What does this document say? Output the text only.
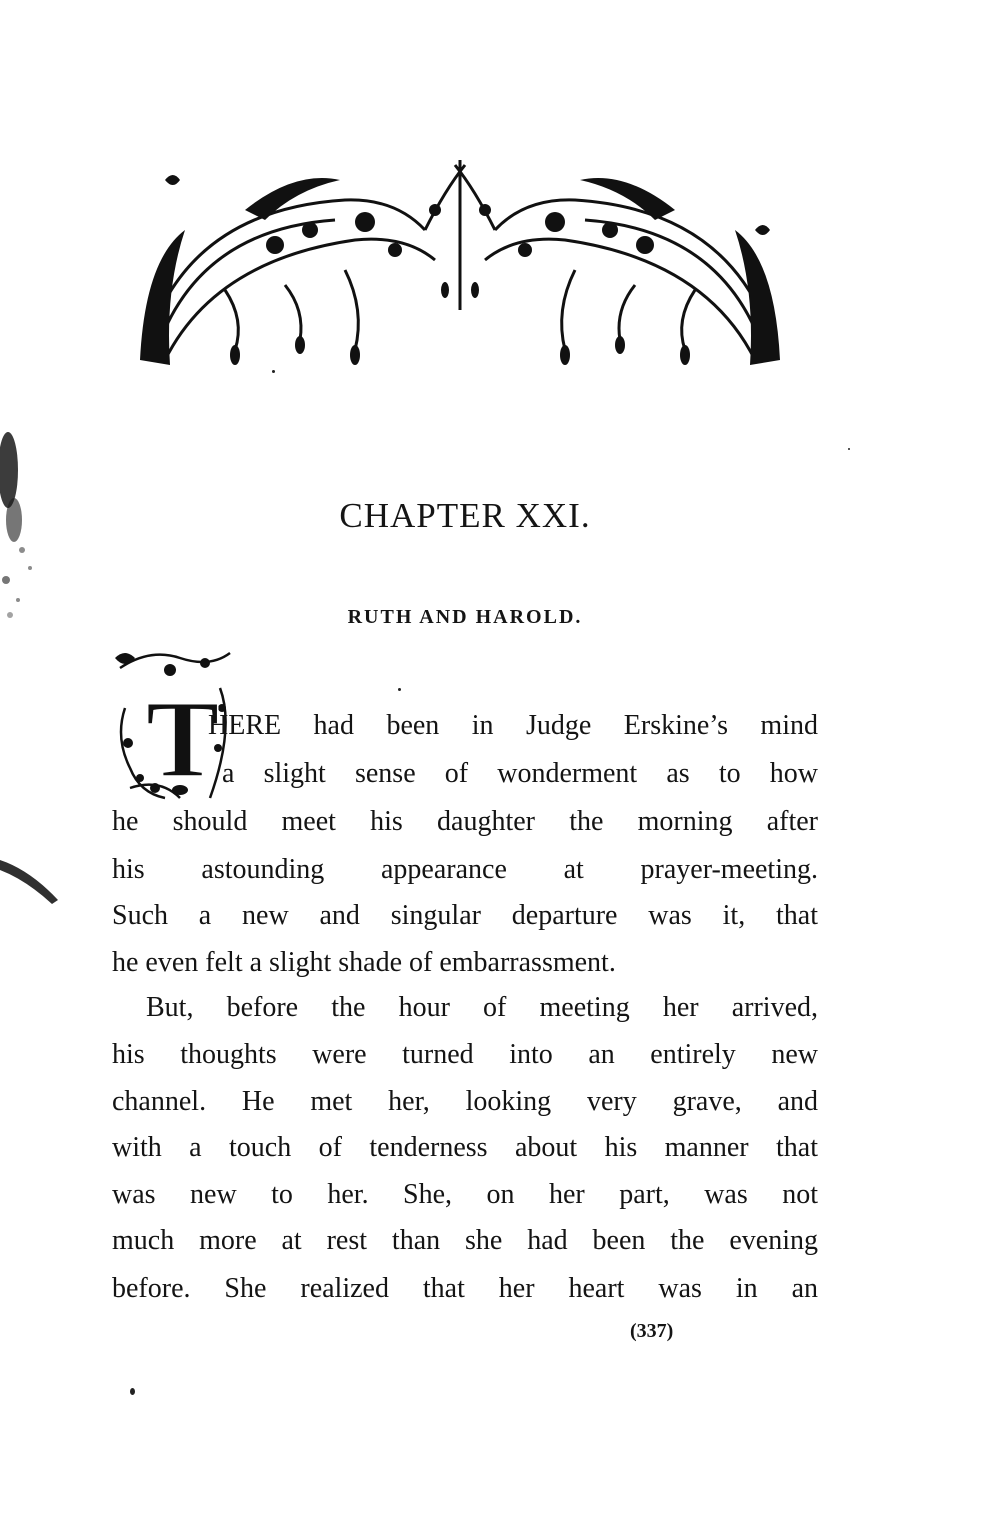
CHAPTER XXI.
RUTH AND HAROLD.
T
HERE had been in Judge Erskine’s mind
a slight sense of wonderment as to how
he should meet his daughter the morning after
his astounding appearance at prayer-meeting.
Such a new and singular departure was it, that
he even felt a slight shade of embarrassment.
But, before the hour of meeting her arrived,
his thoughts were turned into an entirely new
channel. He met her, looking very grave, and
with a touch of tenderness about his manner that
was new to her. She, on her part, was not
much more at rest than she had been the evening
before. She realized that her heart was in an
(337)
